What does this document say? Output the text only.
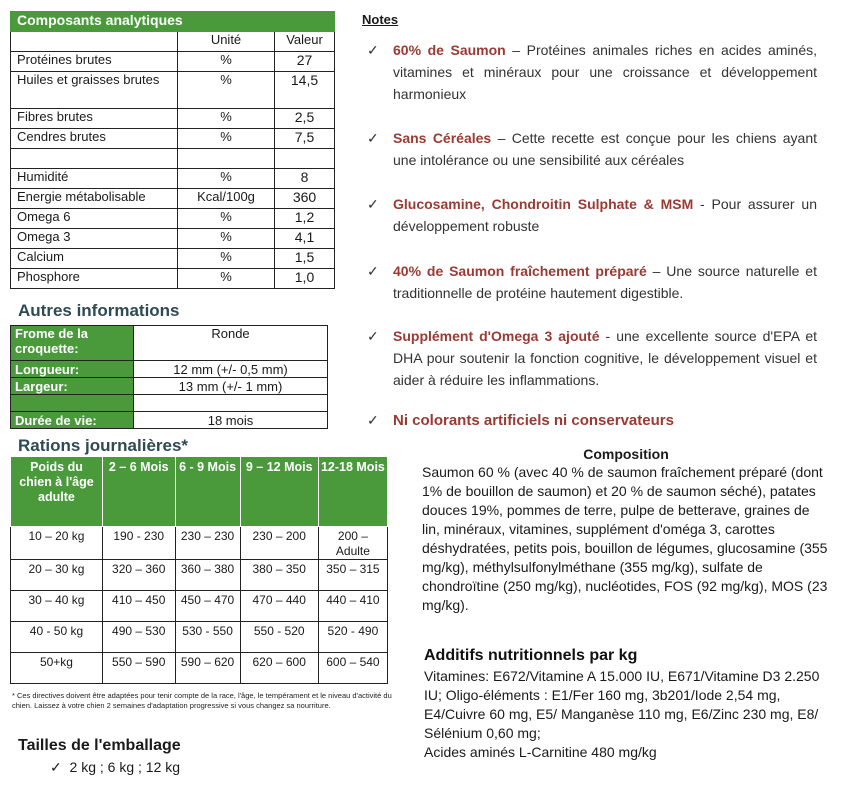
Composants analytiques		
	Unité	Valeur
Protéines brutes	%	27
Huiles et graisses brutes	%	14,5
Fibres brutes	%	2,5
Cendres brutes	%	7,5

Humidité	%	8
Energie métabolisable	Kcal/100g	360
Omega 6	%	1,2
Omega 3	%	4,1
Calcium	%	1,5
Phosphore	%	1,0
Autres informations
Frome de la croquette:	Ronde
Longueur:	12 mm (+/- 0,5 mm)
Largeur:	13 mm (+/- 1 mm)

Durée de vie:	18 mois
Rations journalières*
Poids du chien à l'âge adulte	2 – 6 Mois	6 - 9 Mois	9 – 12 Mois	12-18 Mois
10 – 20 kg	190 - 230	230 – 230	230 – 200	200 – Adulte
20 – 30 kg	320 – 360	360 – 380	380 – 350	350 – 315
30 – 40 kg	410 – 450	450 – 470	470 – 440	440 – 410
40 - 50 kg	490 – 530	530 - 550	550 - 520	520 - 490
50+kg	550 – 590	590 – 620	620 – 600	600 – 540
* Ces directives doivent être adaptées pour tenir compte de la race, l'âge, le tempérament et le niveau d'activité du chien. Laissez à votre chien 2 semaines d'adaptation progressive si vous changez sa nourriture.
Tailles de l'emballage
✓ 2 kg ; 6 kg ; 12 kg
Notes
✓ 60% de Saumon – Protéines animales riches en acides aminés, vitamines et minéraux pour une croissance et développement harmonieux
✓ Sans Céréales – Cette recette est conçue pour les chiens ayant une intolérance ou une sensibilité aux céréales
✓ Glucosamine, Chondroitin Sulphate & MSM - Pour assurer un développement robuste
✓ 40% de Saumon fraîchement préparé – Une source naturelle et traditionnelle de protéine hautement digestible.
✓ Supplément d'Omega 3 ajouté - une excellente source d'EPA et DHA pour soutenir la fonction cognitive, le développement visuel et aider à réduire les inflammations.
✓ Ni colorants artificiels ni conservateurs
Composition
Saumon 60 % (avec 40 % de saumon fraîchement préparé (dont 1% de bouillon de saumon) et 20 % de saumon séché), patates douces 19%, pommes de terre, pulpe de betterave, graines de lin, minéraux, vitamines, supplément d'oméga 3, carottes déshydratées, petits pois, bouillon de légumes, glucosamine (355 mg/kg), méthylsulfonylméthane (355 mg/kg), sulfate de chondroïtine (250 mg/kg), nucléotides, FOS (92 mg/kg), MOS (23 mg/kg).
Additifs nutritionnels par kg
Vitamines: E672/Vitamine A 15.000 IU, E671/Vitamine D3 2.250 IU; Oligo-éléments : E1/Fer 160 mg, 3b201/Iode 2,54 mg, E4/Cuivre 60 mg, E5/ Manganèse 110 mg, E6/Zinc 230 mg, E8/ Sélénium 0,60 mg;
Acides aminés L-Carnitine 480 mg/kg
